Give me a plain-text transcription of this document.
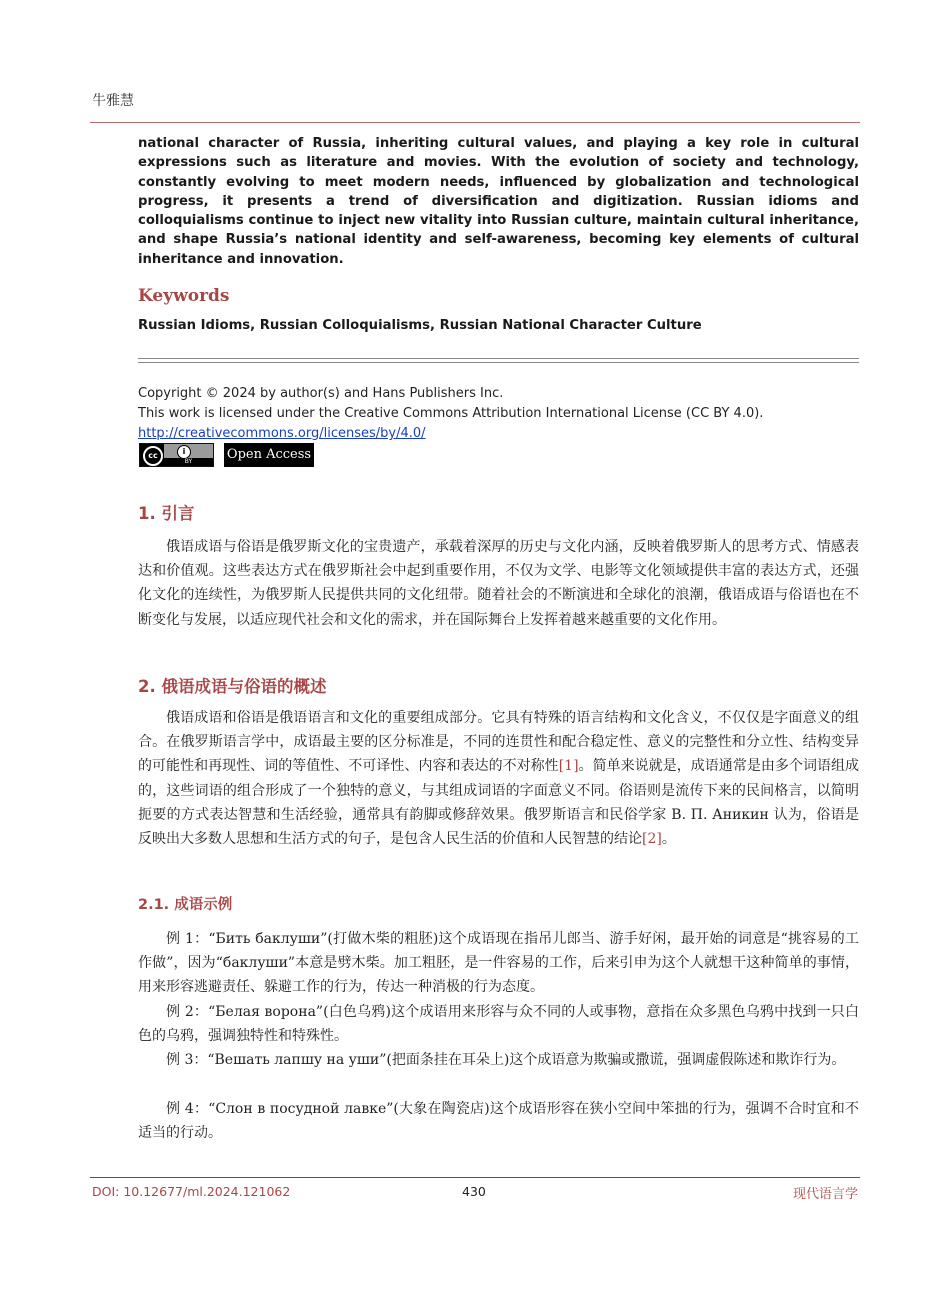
牛雅慧

national character of Russia, inheriting cultural values, and playing a key role in cultural expressions such as literature and movies. With the evolution of society and technology, constantly evolving to meet modern needs, influenced by globalization and technological progress, it presents a trend of diversification and digitization. Russian idioms and colloquialisms continue to inject new vitality into Russian culture, maintain cultural inheritance, and shape Russia’s national identity and self-awareness, becoming key elements of cultural inheritance and innovation.

Keywords
Russian Idioms, Russian Colloquialisms, Russian National Character Culture
Copyright © 2024 by author(s) and Hans Publishers Inc.
This work is licensed under the Creative Commons Attribution International License (CC BY 4.0).
http://creativecommons.org/licenses/by/4.0/
cc	i
BY	Open Access
1. 引言

俄语成语与俗语是俄罗斯文化的宝贵遗产，承载着深厚的历史与文化内涵，反映着俄罗斯人的思考方式、情感表达和价值观。这些表达方式在俄罗斯社会中起到重要作用，不仅为文学、电影等文化领域提供丰富的表达方式，还强化文化的连续性，为俄罗斯人民提供共同的文化纽带。随着社会的不断演进和全球化的浪潮，俄语成语与俗语也在不断变化与发展，以适应现代社会和文化的需求，并在国际舞台上发挥着越来越重要的文化作用。

2. 俄语成语与俗语的概述

俄语成语和俗语是俄语语言和文化的重要组成部分。它具有特殊的语言结构和文化含义，不仅仅是字面意义的组合。在俄罗斯语言学中，成语最主要的区分标准是，不同的连贯性和配合稳定性、意义的完整性和分立性、结构变异的可能性和再现性、词的等值性、不可译性、内容和表达的不对称性[1]。简单来说就是，成语通常是由多个词语组成的，这些词语的组合形成了一个独特的意义，与其组成词语的字面意义不同。俗语则是流传下来的民间格言，以简明扼要的方式表达智慧和生活经验，通常具有韵脚或修辞效果。俄罗斯语言和民俗学家 В. П. Аникин 认为，俗语是反映出大多数人思想和生活方式的句子，是包含人民生活的价值和人民智慧的结论[2]。

2.1. 成语示例

例 1：“Бить баклуши”(打做木柴的粗胚)这个成语现在指吊儿郎当、游手好闲，最开始的词意是“挑容易的工作做”，因为“баклуши”本意是劈木柴。加工粗胚，是一件容易的工作，后来引申为这个人就想干这种简单的事情，用来形容逃避责任、躲避工作的行为，传达一种消极的行为态度。

例 2：“Белая ворона”(白色乌鸦)这个成语用来形容与众不同的人或事物，意指在众多黑色乌鸦中找到一只白色的乌鸦，强调独特性和特殊性。

例 3：“Вешать лапшу на уши”(把面条挂在耳朵上)这个成语意为欺骗或撒谎，强调虚假陈述和欺诈行为。

例 4：“Слон в посудной лавке”(大象在陶瓷店)这个成语形容在狭小空间中笨拙的行为，强调不合时宜和不适当的行动。

DOI: 10.12677/ml.2024.121062	430	现代语言学
